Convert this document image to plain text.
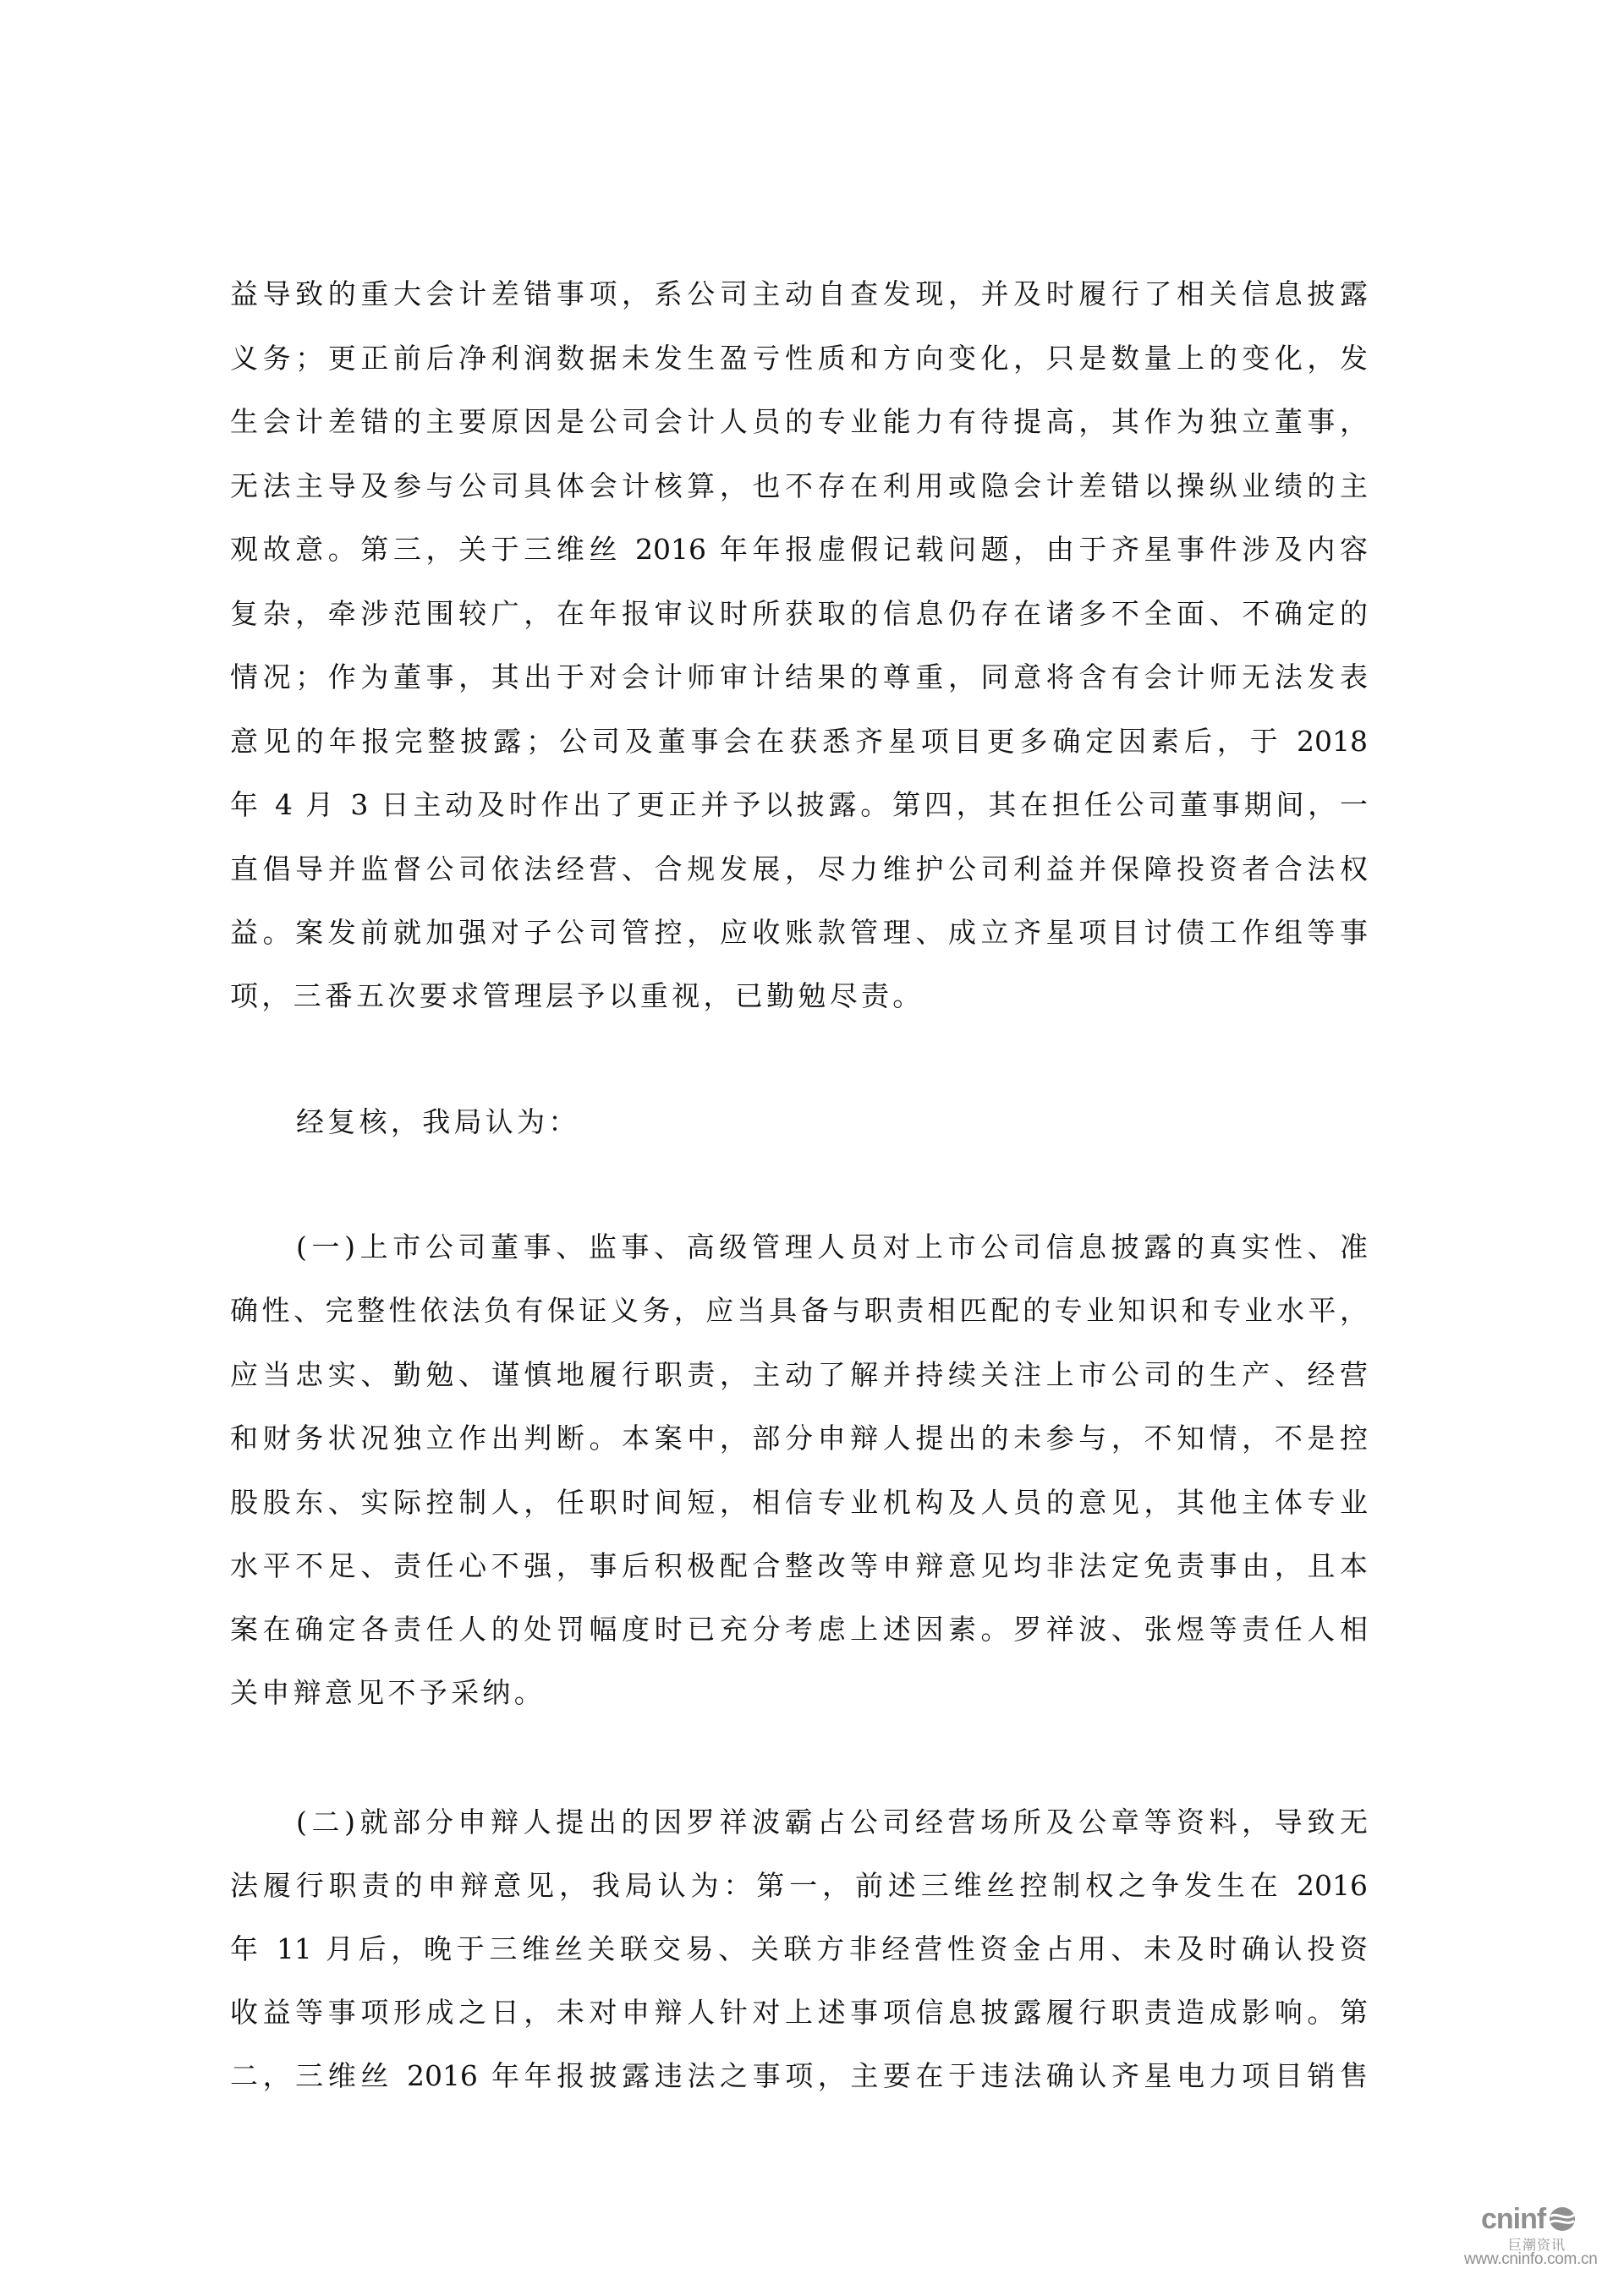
益导致的重大会计差错事项，系公司主动自查发现，并及时履行了相关信息披露
义务；更正前后净利润数据未发生盈亏性质和方向变化，只是数量上的变化，发
生会计差错的主要原因是公司会计人员的专业能力有待提高，其作为独立董事，
无法主导及参与公司具体会计核算，也不存在利用或隐会计差错以操纵业绩的主
观故意。第三，关于三维丝 2016 年年报虚假记载问题，由于齐星事件涉及内容
复杂，牵涉范围较广，在年报审议时所获取的信息仍存在诸多不全面、不确定的
情况；作为董事，其出于对会计师审计结果的尊重，同意将含有会计师无法发表
意见的年报完整披露；公司及董事会在获悉齐星项目更多确定因素后，于 2018
年 4 月 3 日主动及时作出了更正并予以披露。第四，其在担任公司董事期间，一
直倡导并监督公司依法经营、合规发展，尽力维护公司利益并保障投资者合法权
益。案发前就加强对子公司管控，应收账款管理、成立齐星项目讨债工作组等事
项，三番五次要求管理层予以重视，已勤勉尽责。
经复核，我局认为：
(一)上市公司董事、监事、高级管理人员对上市公司信息披露的真实性、准
确性、完整性依法负有保证义务，应当具备与职责相匹配的专业知识和专业水平，
应当忠实、勤勉、谨慎地履行职责，主动了解并持续关注上市公司的生产、经营
和财务状况独立作出判断。本案中，部分申辩人提出的未参与，不知情，不是控
股股东、实际控制人，任职时间短，相信专业机构及人员的意见，其他主体专业
水平不足、责任心不强，事后积极配合整改等申辩意见均非法定免责事由，且本
案在确定各责任人的处罚幅度时已充分考虑上述因素。罗祥波、张煜等责任人相
关申辩意见不予采纳。
(二)就部分申辩人提出的因罗祥波霸占公司经营场所及公章等资料，导致无
法履行职责的申辩意见，我局认为：第一，前述三维丝控制权之争发生在 2016
年 11 月后，晚于三维丝关联交易、关联方非经营性资金占用、未及时确认投资
收益等事项形成之日，未对申辩人针对上述事项信息披露履行职责造成影响。第
二，三维丝 2016 年年报披露违法之事项，主要在于违法确认齐星电力项目销售
cninf
巨潮资讯
www.cninfo.com.cn
